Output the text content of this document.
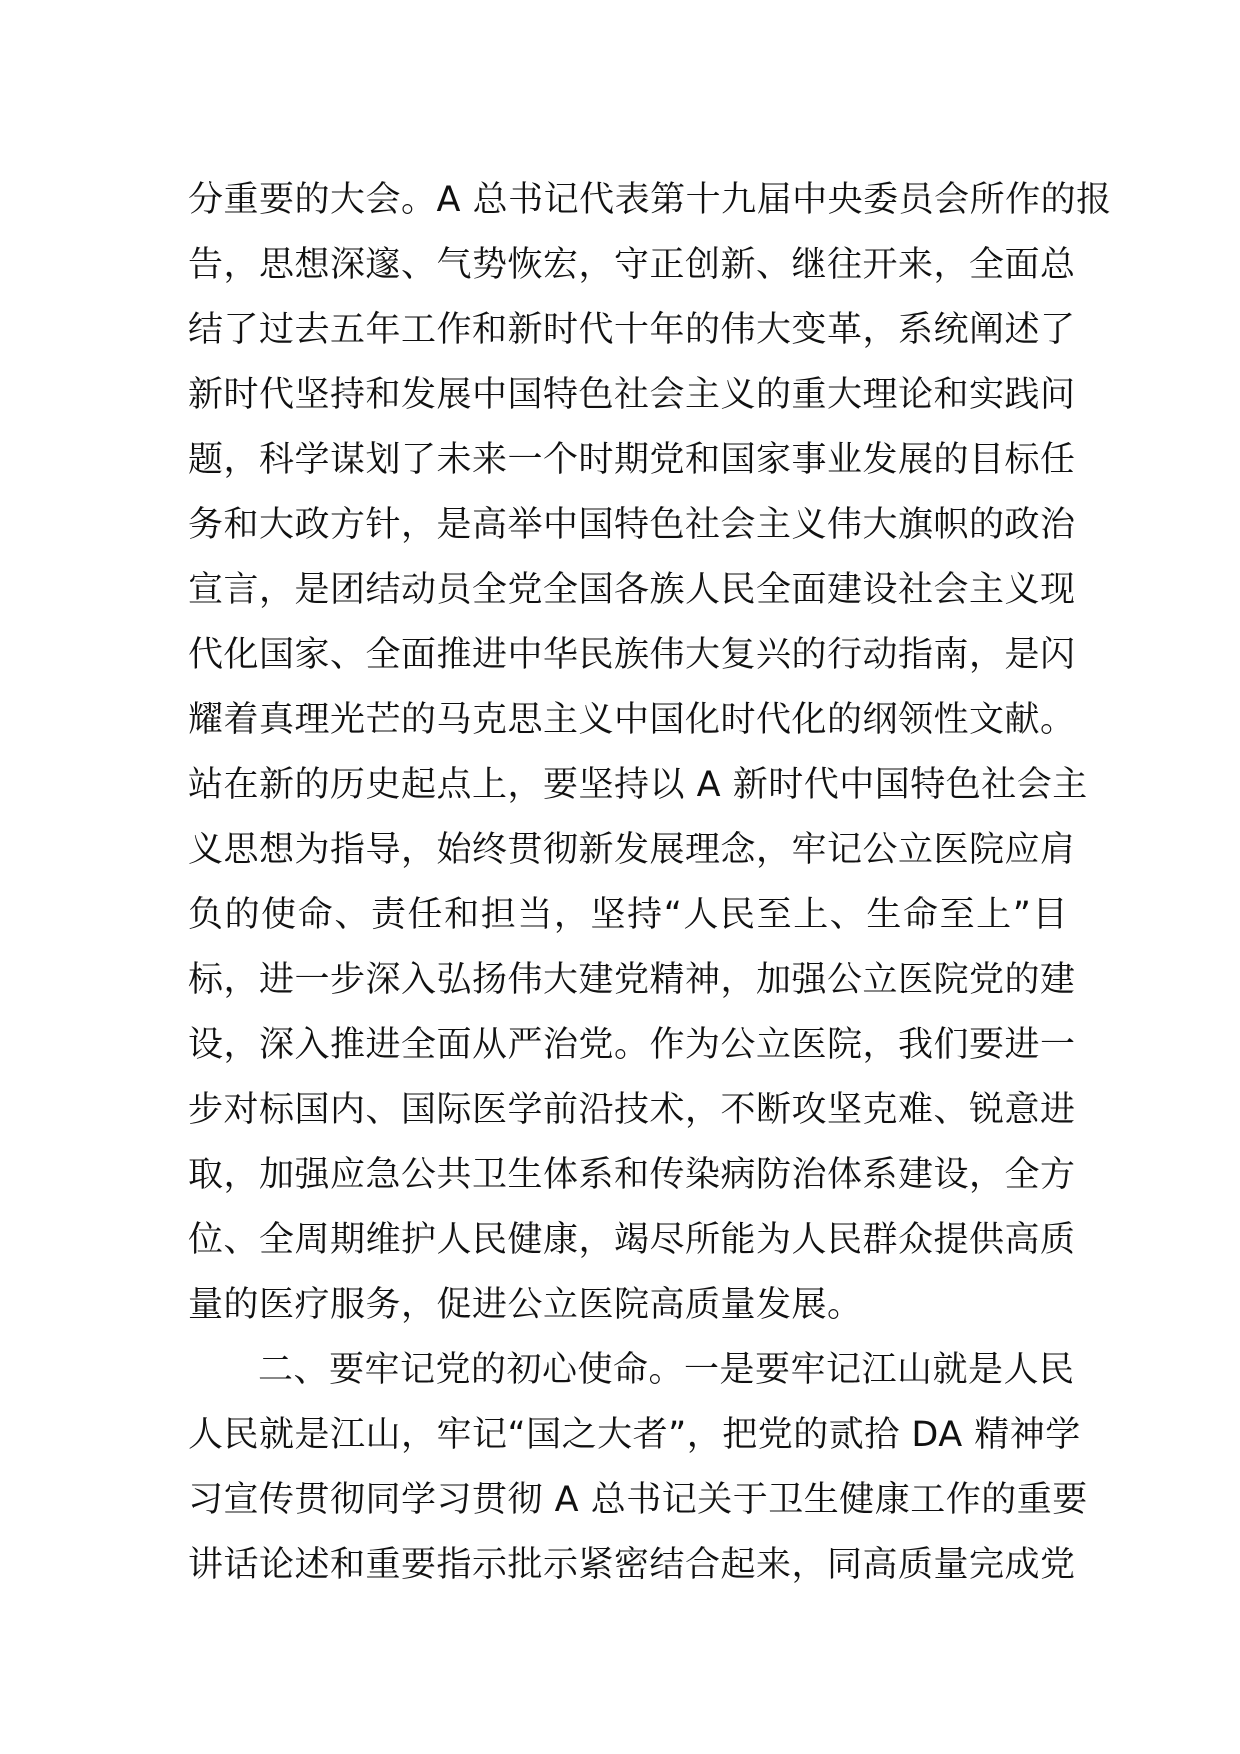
分重要的大会。A 总书记代表第十九届中央委员会所作的报
告，思想深邃、气势恢宏，守正创新、继往开来，全面总
结了过去五年工作和新时代十年的伟大变革，系统阐述了
新时代坚持和发展中国特色社会主义的重大理论和实践问
题，科学谋划了未来一个时期党和国家事业发展的目标任
务和大政方针，是高举中国特色社会主义伟大旗帜的政治
宣言，是团结动员全党全国各族人民全面建设社会主义现
代化国家、全面推进中华民族伟大复兴的行动指南，是闪
耀着真理光芒的马克思主义中国化时代化的纲领性文献。
站在新的历史起点上，要坚持以 A 新时代中国特色社会主
义思想为指导，始终贯彻新发展理念，牢记公立医院应肩
负的使命、责任和担当，坚持“人民至上、生命至上”目
标，进一步深入弘扬伟大建党精神，加强公立医院党的建
设，深入推进全面从严治党。作为公立医院，我们要进一
步对标国内、国际医学前沿技术，不断攻坚克难、锐意进
取，加强应急公共卫生体系和传染病防治体系建设，全方
位、全周期维护人民健康，竭尽所能为人民群众提供高质
量的医疗服务，促进公立医院高质量发展。
二、要牢记党的初心使命。一是要牢记江山就是人民
人民就是江山，牢记“国之大者”，把党的贰拾 DA 精神学
习宣传贯彻同学习贯彻 A 总书记关于卫生健康工作的重要
讲话论述和重要指示批示紧密结合起来，同高质量完成党
